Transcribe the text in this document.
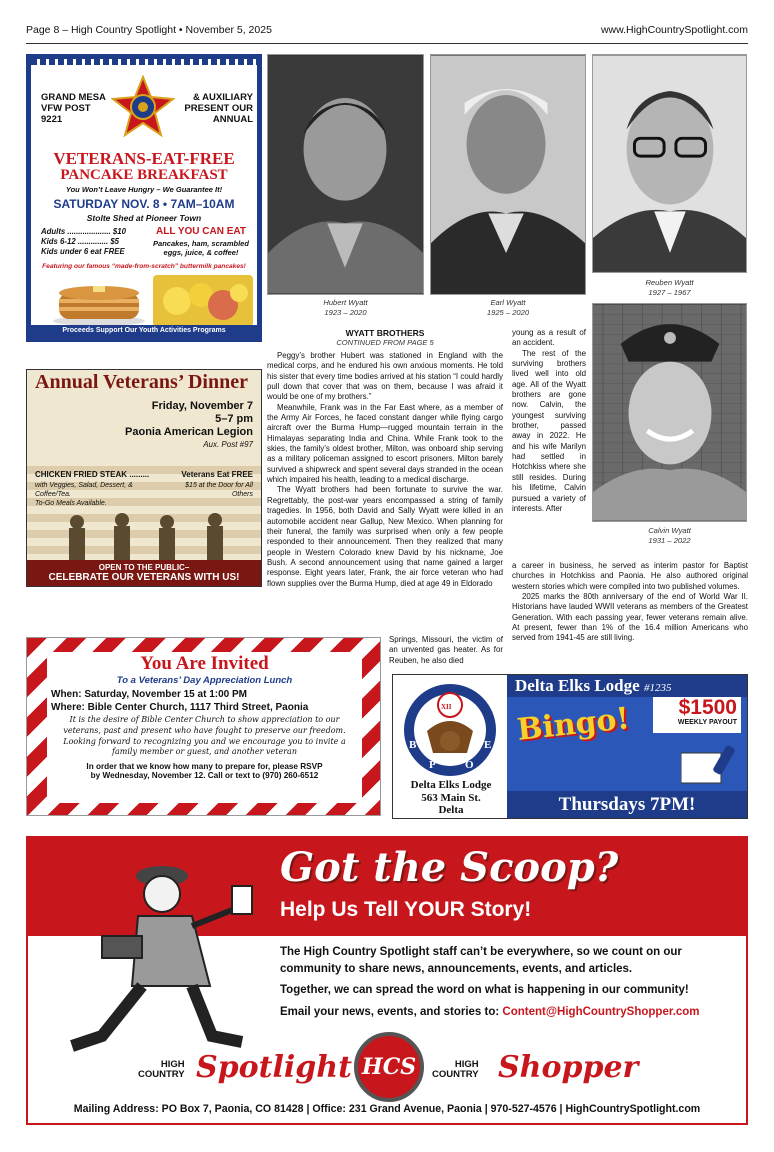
Page 8 – High Country Spotlight • November 5, 2025	www.HighCountrySpotlight.com
GRAND MESA VFW POST 9221
& AUXILIARY PRESENT OUR ANNUAL
VETERANS-EAT-FREE
PANCAKE BREAKFAST
You Won’t Leave Hungry – We Guarantee It!
SATURDAY NOV. 8 • 7AM–10AM
Stolte Shed at Pioneer Town
Adults .................... $10
Kids 6-12 .............. $5
Kids under 6 eat FREE
ALL YOU CAN EAT
Pancakes, ham, scrambled eggs, juice, & coffee!
Featuring our famous “made-from-scratch” buttermilk pancakes!
Proceeds Support Our Youth Activities Programs
Hubert Wyatt
1923 – 2020
Earl Wyatt
1925 – 2020
Reuben Wyatt
1927 – 1967
Calvin Wyatt
1931 – 2022
WYATT BROTHERS
CONTINUED FROM PAGE 5

Peggy’s brother Hubert was stationed in England with the medical corps, and he endured his own anxious moments. He told his sister that every time bodies arrived at his station “I could hardly pull down that cover that was on them, because I was afraid it would be one of my brothers.”

Meanwhile, Frank was in the Far East where, as a member of the Army Air Forces, he faced constant danger while flying cargo aircraft over the Burma Hump—rugged mountain terrain in the Himalayas separating India and China. While Frank took to the skies, the family’s oldest brother, Milton, was onboard ship serving as a military policeman assigned to escort prisoners. Milton barely survived a shipwreck and spent several days stranded in the ocean which impaired his health, leading to a medical discharge.

The Wyatt brothers had been fortunate to survive the war. Regrettably, the post-war years encompassed a string of family tragedies. In 1956, both David and Sally Wyatt were killed in an automobile accident near Gallup, New Mexico. When planning for their funeral, the family was surprised when only a few people responded to their announcement. Then they realized that many people in Western Colorado knew David by his nickname, Joe Bush. A second announcement using that name gained a larger response. Eight years later, Frank, the air force veteran who had flown supplies over the Burma Hump, died at age 49 in Eldorado

Springs, Missouri, the victim of an unvented gas heater. As for Reuben, he also died
young as a result of an accident.

The rest of the surviving brothers lived well into old age. All of the Wyatt brothers are gone now. Calvin, the youngest surviving brother, passed away in 2022. He and his wife Marilyn had settled in Hotchkiss where she still resides. During his lifetime, Calvin pursued a variety of interests. After

a career in business, he served as interim pastor for Baptist churches in Hotchkiss and Paonia. He also authored original western stories which were compiled into two published volumes.

2025 marks the 80th anniversary of the end of World War II. Historians have lauded WWII veterans as members of the Greatest Generation. With each passing year, fewer veterans remain alive. At present, fewer than 1% of the 16.4 million Americans who served from 1941-45 are still living.

Annual Veterans’ Dinner
Friday, November 7
5–7 pm
Paonia American Legion
Aux. Post #97
CHICKEN FRIED STEAK .........	Veterans Eat FREE
with Veggies, Salad, Dessert, & Coffee/Tea.
$15 at the Door for All Others
To-Go Meals Available.
OPEN TO THE PUBLIC–
CELEBRATE OUR VETERANS WITH US!
You Are Invited
To a Veterans’ Day Appreciation Lunch
When: Saturday, November 15 at 1:00 PM
Where: Bible Center Church, 1117 Third Street, Paonia
It is the desire of Bible Center Church to show appreciation to our veterans, past and present who have fought to preserve our freedom. Looking forward to recognizing you and we encourage you to invite a family member or guest, and another veteran
In order that we know how many to prepare for, please RSVP
by Wednesday, November 12. Call or text to (970) 260-6512
B
P	O
E
XII
Delta Elks Lodge
563 Main St.
Delta
Delta Elks Lodge #1235
Bingo!	$1500
WEEKLY PAYOUT
Thursdays 7PM!
Got the Scoop?
Help Us Tell YOUR Story!
The High Country Spotlight staff can’t be everywhere, so we count on our community to share news, announcements, events, and articles.
Together, we can spread the word on what is happening in our community!
Email your news, events, and stories to: Content@HighCountryShopper.com
HIGH
COUNTRY Spotlight HCS	HIGH
COUNTRY Shopper
Mailing Address: PO Box 7, Paonia, CO 81428 | Office: 231 Grand Avenue, Paonia | 970-527-4576 | HighCountrySpotlight.com
